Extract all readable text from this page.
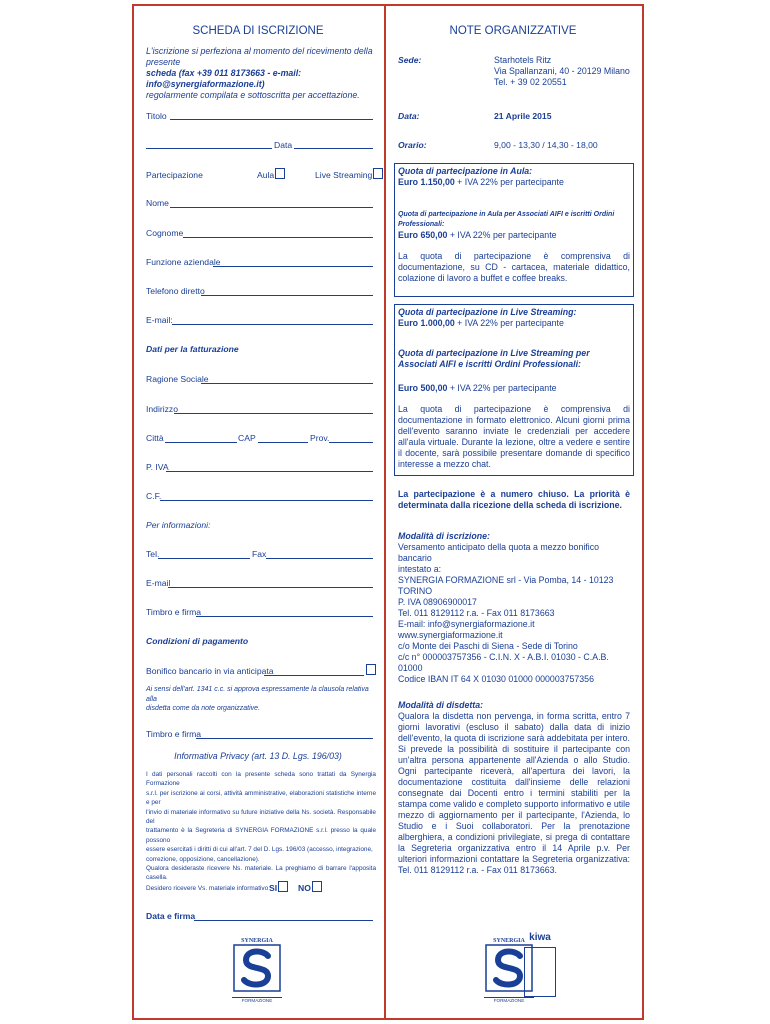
SCHEDA DI ISCRIZIONE
L'iscrizione si perfeziona al momento del ricevimento della presente
scheda (fax +39 011 8173663 - e-mail: info@synergiaformazione.it)
regolarmente compilata e sottoscritta per accettazione.
Titolo
Data
Partecipazione	Aula	Live Streaming
Nome
Cognome
Funzione aziendale
Telefono diretto
E-mail:
Dati per la fatturazione
Ragione Sociale
Indirizzo
Città	CAP	Prov.
P. IVA
C.F.
Per informazioni:
Tel.	Fax
E-mail
Timbro e firma
Condizioni di pagamento
Bonifico bancario in via anticipata
Ai sensi dell'art. 1341 c.c. si approva espressamente la clausola relativa alla
disdetta come da note organizzative.
Timbro e firma
Informativa Privacy (art. 13 D. Lgs. 196/03)
I dati personali raccolti con la presente scheda sono trattati da Synergia Formazione
s.r.l. per iscrizione ai corsi, attività amministrative, elaborazioni statistiche interne e per
l'invio di materiale informativo su future iniziative della Ns. società. Responsabile del
trattamento è la Segreteria di SYNERGIA FORMAZIONE s.r.l. presso la quale possono
essere esercitati i diritti di cui all'art. 7 del D. Lgs. 196/03 (accesso, integrazione,
correzione, opposizione, cancellazione).
Qualora desideraste ricevere Ns. materiale. La preghiamo di barrare l'apposita casella.
Desidero ricevere Vs. materiale informativo SI	NO
Data e firma
SYNERGIA
FORMAZIONE
NOTE ORGANIZZATIVE
Sede:	Starhotels Ritz
Via Spallanzani, 40 - 20129 Milano
Tel. + 39 02 20551
Data:	21 Aprile 2015
Orario:	9,00 - 13,30 / 14,30 - 18,00
Quota di partecipazione in Aula:
Euro 1.150,00 + IVA 22% per partecipante
Quota di partecipazione in Aula per Associati AIFI e iscritti Ordini Professionali:
Euro 650,00 + IVA 22% per partecipante
La quota di partecipazione è comprensiva di documentazione, su CD - cartacea, materiale didattico, colazione di lavoro a buffet e coffee breaks.
Quota di partecipazione in Live Streaming:
Euro 1.000,00 + IVA 22% per partecipante
Quota di partecipazione in Live Streaming per Associati AIFI e iscritti Ordini Professionali:
Euro 500,00 + IVA 22% per partecipante
La quota di partecipazione è comprensiva di documentazione in formato elettronico. Alcuni giorni prima dell'evento saranno inviate le credenziali per accedere all'aula virtuale. Durante la lezione, oltre a vedere e sentire il docente, sarà possibile presentare domande di specifico interesse a mezzo chat.
La partecipazione è a numero chiuso. La priorità è determinata dalla ricezione della scheda di iscrizione.
Modalità di iscrizione:
Versamento anticipato della quota a mezzo bonifico bancario
intestato a:
SYNERGIA FORMAZIONE srl - Via Pomba, 14 - 10123 TORINO
P. IVA 08906900017
Tel. 011 8129112 r.a. - Fax 011 8173663
E-mail: info@synergiaformazione.it
www.synergiaformazione.it
c/o Monte dei Paschi di Siena - Sede di Torino
c/c n° 000003757356 - C.I.N. X - A.B.I. 01030 - C.A.B. 01000
Codice IBAN IT 64 X 01030 01000 000003757356
Modalità di disdetta:
Qualora la disdetta non pervenga, in forma scritta, entro 7 giorni lavorativi (escluso il sabato) dalla data di inizio dell'evento, la quota di iscrizione sarà addebitata per intero. Si prevede la possibilità di sostituire il partecipante con un'altra persona appartenente all'Azienda o allo Studio. Ogni partecipante riceverà, all'apertura dei lavori, la documentazione costituita dall'insieme delle relazioni consegnate dai Docenti entro i termini stabiliti per la stampa come valido e completo supporto informativo e utile mezzo di aggiornamento per il partecipante, l'Azienda, lo Studio e i Suoi collaboratori. Per la prenotazione alberghiera, a condizioni privilegiate, si prega di contattare la Segreteria organizzativa entro il 14 Aprile p.v. Per ulteriori informazioni contattare la Segreteria organizzativa: Tel. 011 8129112 r.a. - Fax 011 8173663.
SYNERGIA
FORMAZIONE
kiwa
